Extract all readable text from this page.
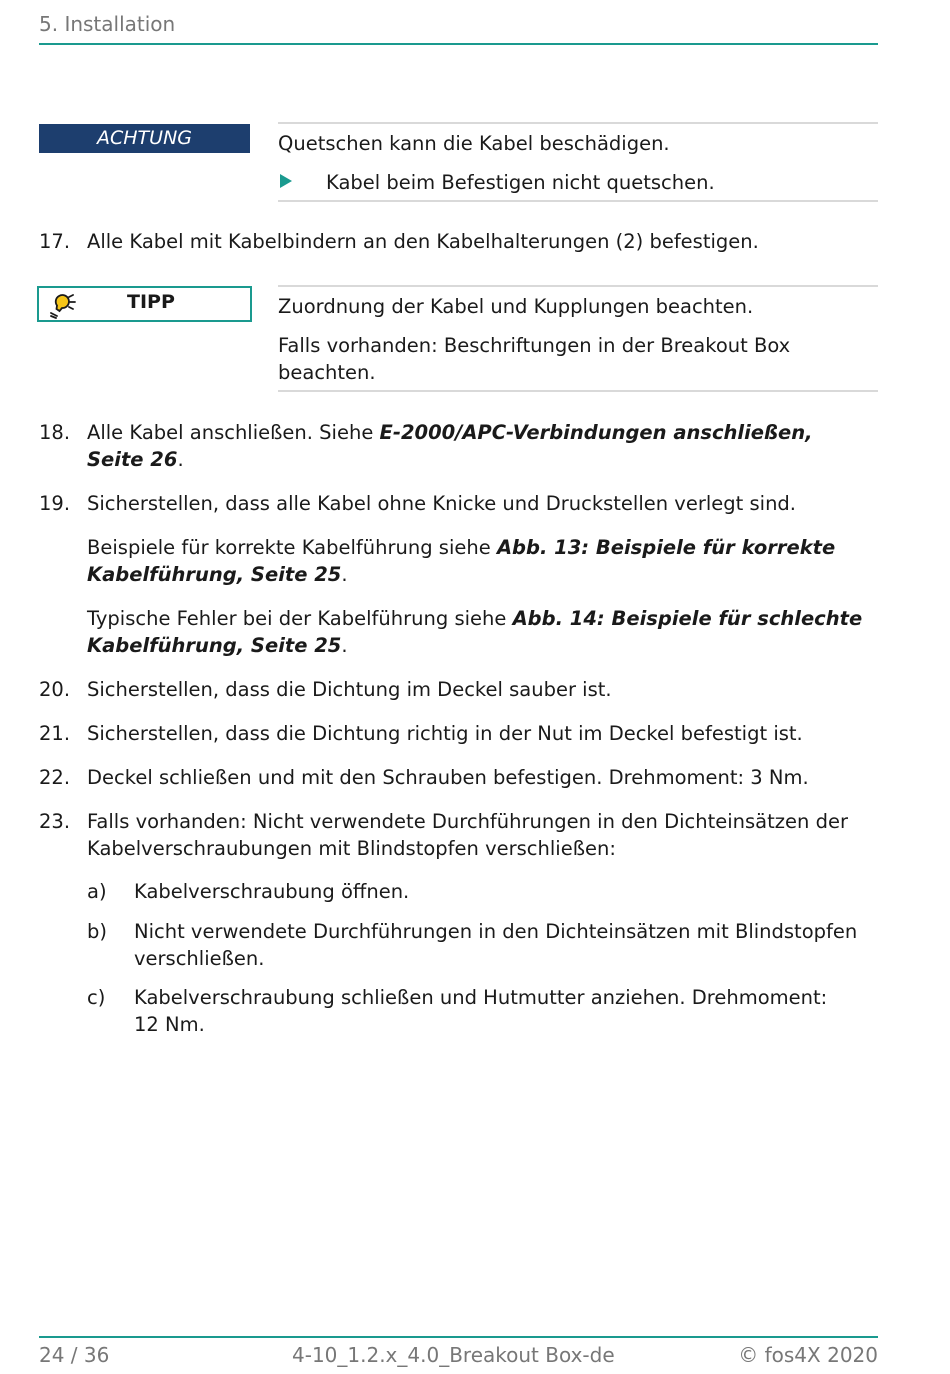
5. Installation
ACHTUNG	Quetschen kann die Kabel beschädigen.
Kabel beim Befestigen nicht quetschen.
17. Alle Kabel mit Kabelbindern an den Kabelhalterungen (2) befestigen.
TIPP	Zuordnung der Kabel und Kupplungen beachten.
Falls vorhanden: Beschriftungen in der Breakout Box
beachten.
18. Alle Kabel anschließen. Siehe E-2000/APC-Verbindungen anschließen,
Seite 26.
19. Sicherstellen, dass alle Kabel ohne Knicke und Druckstellen verlegt sind.
Beispiele für korrekte Kabelführung siehe Abb. 13: Beispiele für korrekte
Kabelführung, Seite 25.
Typische Fehler bei der Kabelführung siehe Abb. 14: Beispiele für schlechte
Kabelführung, Seite 25.
20. Sicherstellen, dass die Dichtung im Deckel sauber ist.
21. Sicherstellen, dass die Dichtung richtig in der Nut im Deckel befestigt ist.
22. Deckel schließen und mit den Schrauben befestigen. Drehmoment: 3 Nm.
23. Falls vorhanden: Nicht verwendete Durchführungen in den Dichteinsätzen der
Kabelverschraubungen mit Blindstopfen verschließen:
a) Kabelverschraubung öffnen.
b) Nicht verwendete Durchführungen in den Dichteinsätzen mit Blindstopfen
verschließen.
c) Kabelverschraubung schließen und Hutmutter anziehen. Drehmoment:
12 Nm.
24 / 36	4-10_1.2.x_4.0_Breakout Box-de	© fos4X 2020
